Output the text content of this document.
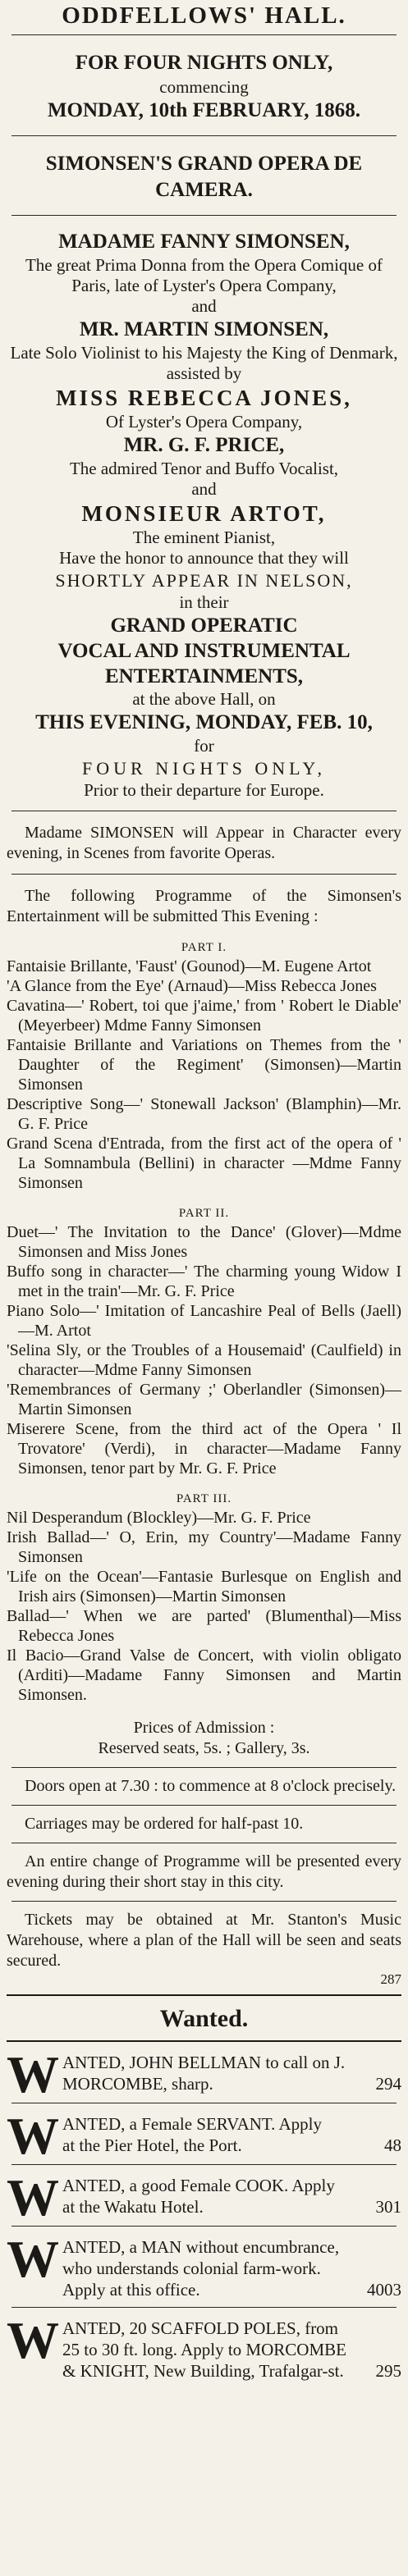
ODDFELLOWS' HALL.
FOR FOUR NIGHTS ONLY,
commencing
MONDAY, 10th FEBRUARY, 1868.
SIMONSEN'S GRAND OPERA DE CAMERA.
MADAME FANNY SIMONSEN,
The great Prima Donna from the Opera Comique of Paris, late of Lyster's Opera Company,
and
MR. MARTIN SIMONSEN,
Late Solo Violinist to his Majesty the King of Denmark, assisted by
MISS REBECCA JONES,
Of Lyster's Opera Company,
MR. G. F. PRICE,
The admired Tenor and Buffo Vocalist,
and
MONSIEUR ARTOT,
The eminent Pianist,
Have the honor to announce that they will
SHORTLY APPEAR IN NELSON,
in their
GRAND OPERATIC
VOCAL AND INSTRUMENTAL
ENTERTAINMENTS,
at the above Hall, on
THIS EVENING, MONDAY, FEB. 10,
for
FOUR NIGHTS ONLY,
Prior to their departure for Europe.
Madame SIMONSEN will Appear in Character every evening, in Scenes from favorite Operas.
The following Programme of the Simonsen's Entertainment will be submitted This Evening :
PART I.
Fantaisie Brillante, 'Faust' (Gounod)—M. Eugene Artot
'A Glance from the Eye' (Arnaud)—Miss Rebecca Jones
Cavatina—' Robert, toi que j'aime,' from ' Robert le Diable' (Meyerbeer) Mdme Fanny Simonsen
Fantaisie Brillante and Variations on Themes from the ' Daughter of the Regiment' (Simonsen)—Martin Simonsen
Descriptive Song—' Stonewall Jackson' (Blamphin)—Mr. G. F. Price
Grand Scena d'Entrada, from the first act of the opera of ' La Somnambula (Bellini) in character —Mdme Fanny Simonsen
PART II.
Duet—' The Invitation to the Dance' (Glover)—Mdme Simonsen and Miss Jones
Buffo song in character—' The charming young Widow I met in the train'—Mr. G. F. Price
Piano Solo—' Imitation of Lancashire Peal of Bells (Jaell)—M. Artot
'Selina Sly, or the Troubles of a Housemaid' (Caulfield) in character—Mdme Fanny Simonsen
'Remembrances of Germany ;' Oberlandler (Simonsen)—Martin Simonsen
Miserere Scene, from the third act of the Opera ' Il Trovatore' (Verdi), in character—Madame Fanny Simonsen, tenor part by Mr. G. F. Price
PART III.
Nil Desperandum (Blockley)—Mr. G. F. Price
Irish Ballad—' O, Erin, my Country'—Madame Fanny Simonsen
'Life on the Ocean'—Fantasie Burlesque on English and Irish airs (Simonsen)—Martin Simonsen
Ballad—' When we are parted' (Blumenthal)—Miss Rebecca Jones
Il Bacio—Grand Valse de Concert, with violin obligato (Arditi)—Madame Fanny Simonsen and Martin Simonsen.
Prices of Admission :
Reserved seats, 5s. ; Gallery, 3s.
Doors open at 7.30 : to commence at 8 o'clock precisely.
Carriages may be ordered for half-past 10.
An entire change of Programme will be presented every evening during their short stay in this city.
Tickets may be obtained at Mr. Stanton's Music Warehouse, where a plan of the Hall will be seen and seats secured.
287
Wanted.
W ANTED, JOHN BELLMAN to call on J.
MORCOMBE, sharp.	294
W ANTED, a Female SERVANT. Apply
at the Pier Hotel, the Port.	48
W ANTED, a good Female COOK. Apply
at the Wakatu Hotel.	301
W ANTED, a MAN without encumbrance,
who understands colonial farm-work.
Apply at this office.	4003
W ANTED, 20 SCAFFOLD POLES, from
25 to 30 ft. long. Apply to MORCOMBE
& KNIGHT, New Building, Trafalgar-st. 295
